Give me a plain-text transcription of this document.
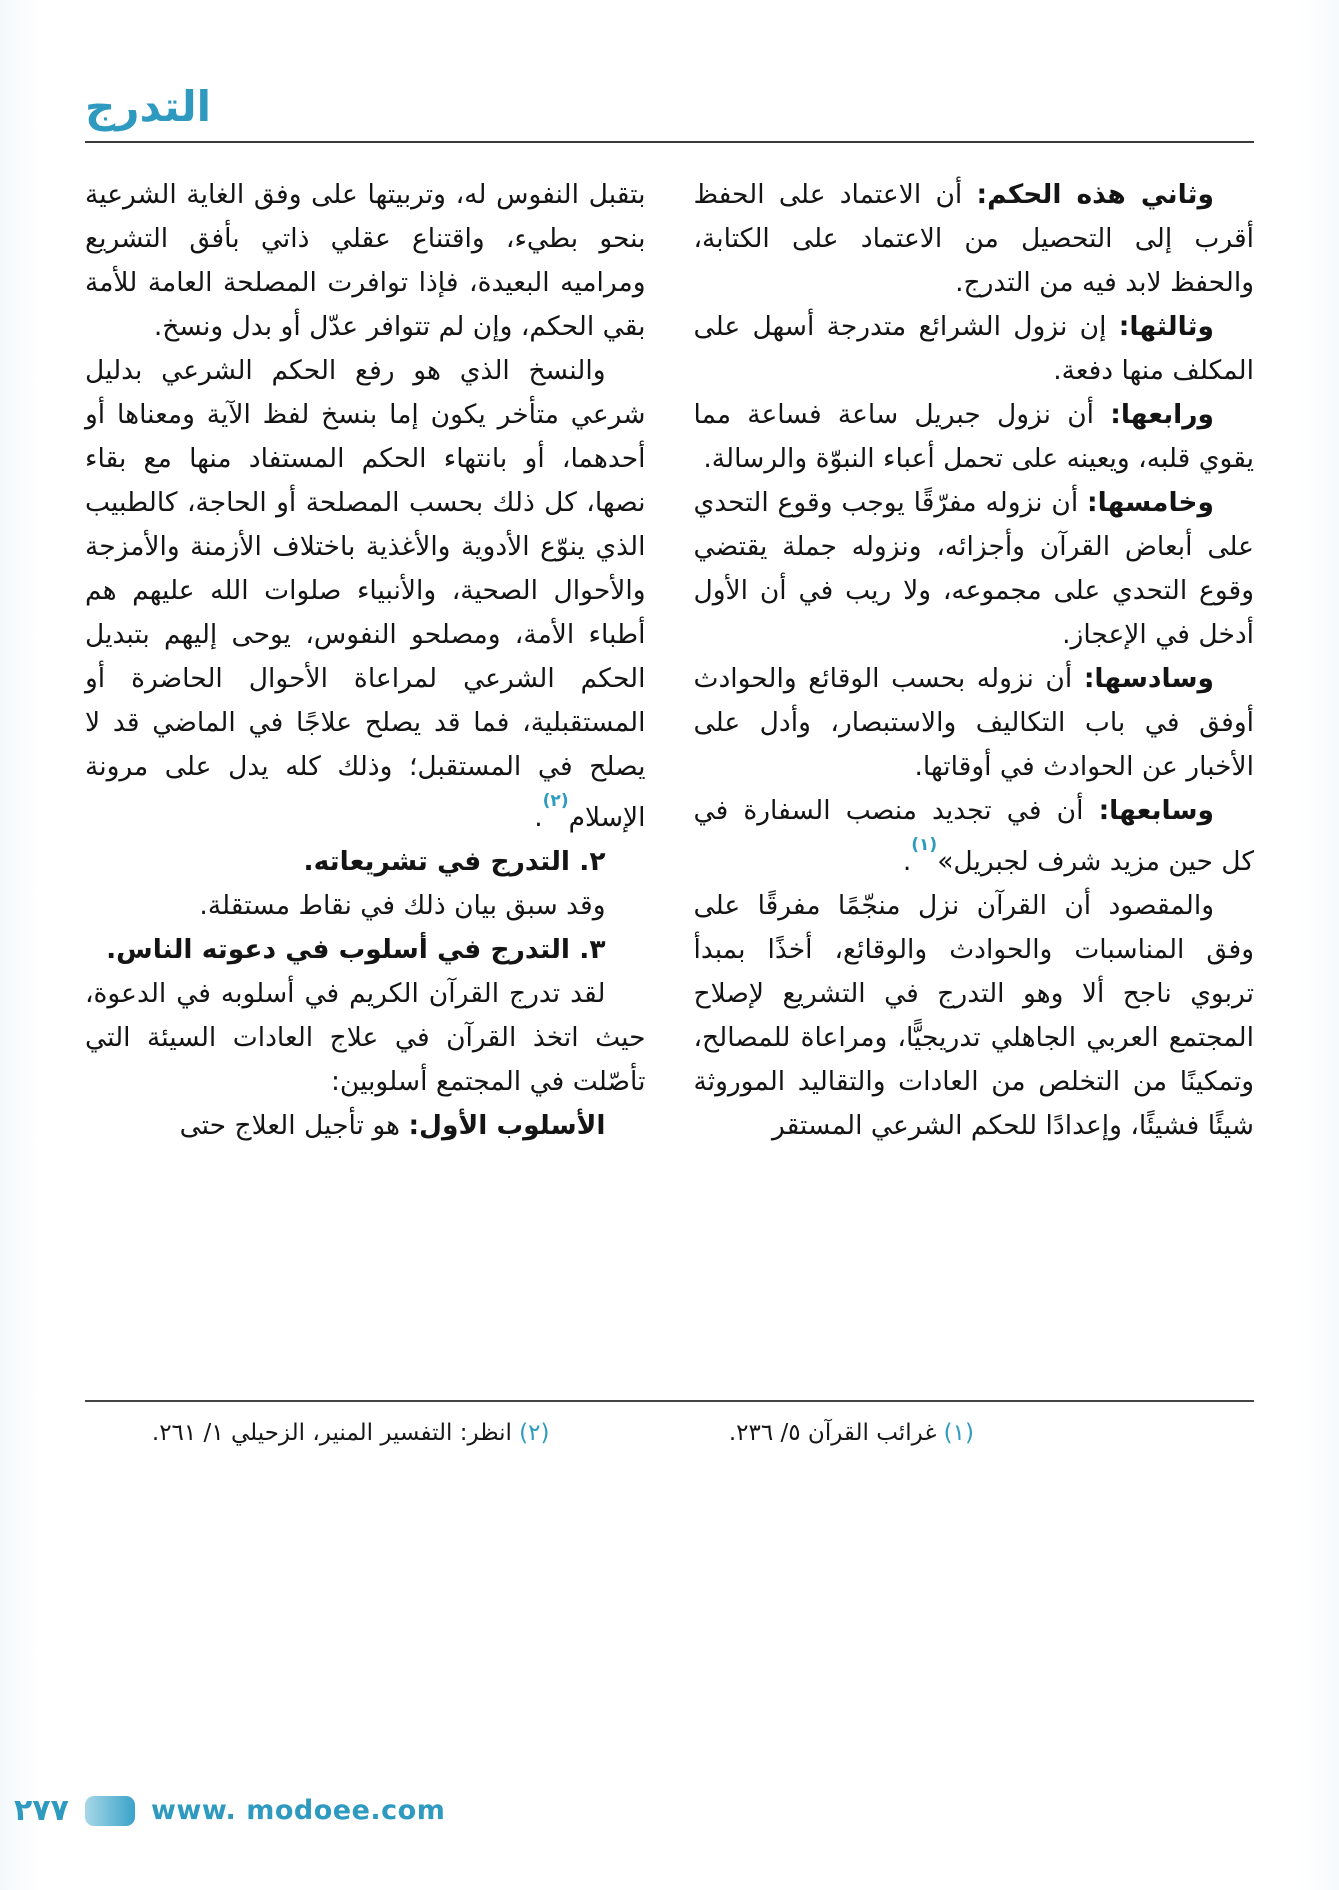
التدرج

وثاني هذه الحكم: أن الاعتماد على الحفظ أقرب إلى التحصيل من الاعتماد على الكتابة، والحفظ لابد فيه من التدرج.

وثالثها: إن نزول الشرائع متدرجة أسهل على المكلف منها دفعة.

ورابعها: أن نزول جبريل ساعة فساعة مما يقوي قلبه، ويعينه على تحمل أعباء النبوّة والرسالة.

وخامسها: أن نزوله مفرّقًا يوجب وقوع التحدي على أبعاض القرآن وأجزائه، ونزوله جملة يقتضي وقوع التحدي على مجموعه، ولا ريب في أن الأول أدخل في الإعجاز.

وسادسها: أن نزوله بحسب الوقائع والحوادث أوفق في باب التكاليف والاستبصار، وأدل على الأخبار عن الحوادث في أوقاتها.

وسابعها: أن في تجديد منصب السفارة في كل حين مزيد شرف لجبريل»$^{(١)}$.

والمقصود أن القرآن نزل منجّمًا مفرقًا على وفق المناسبات والحوادث والوقائع، أخذًا بمبدأ تربوي ناجح ألا وهو التدرج في التشريع لإصلاح المجتمع العربي الجاهلي تدريجيًّا، ومراعاة للمصالح، وتمكينًا من التخلص من العادات والتقاليد الموروثة شيئًا فشيئًا، وإعدادًا للحكم الشرعي المستقر

بتقبل النفوس له، وتربيتها على وفق الغاية الشرعية بنحو بطيء، واقتناع عقلي ذاتي بأفق التشريع ومراميه البعيدة، فإذا توافرت المصلحة العامة للأمة بقي الحكم، وإن لم تتوافر عدّل أو بدل ونسخ.

والنسخ الذي هو رفع الحكم الشرعي بدليل شرعي متأخر يكون إما بنسخ لفظ الآية ومعناها أو أحدهما، أو بانتهاء الحكم المستفاد منها مع بقاء نصها، كل ذلك بحسب المصلحة أو الحاجة، كالطبيب الذي ينوّع الأدوية والأغذية باختلاف الأزمنة والأمزجة والأحوال الصحية، والأنبياء صلوات الله عليهم هم أطباء الأمة، ومصلحو النفوس، يوحى إليهم بتبديل الحكم الشرعي لمراعاة الأحوال الحاضرة أو المستقبلية، فما قد يصلح علاجًا في الماضي قد لا يصلح في المستقبل؛ وذلك كله يدل على مرونة الإسلام$^{(٢)}$.

٢. التدرج في تشريعاته.

وقد سبق بيان ذلك في نقاط مستقلة.

٣. التدرج في أسلوب في دعوته الناس.

لقد تدرج القرآن الكريم في أسلوبه في الدعوة، حيث اتخذ القرآن في علاج العادات السيئة التي تأصّلت في المجتمع أسلوبين:

الأسلوب الأول: هو تأجيل العلاج حتى

(١) غرائب القرآن ٥/ ٢٣٦.
(٢) انظر: التفسير المنير، الزحيلي ١/ ٢٦١.
٢٧٧	www. modoee.com
